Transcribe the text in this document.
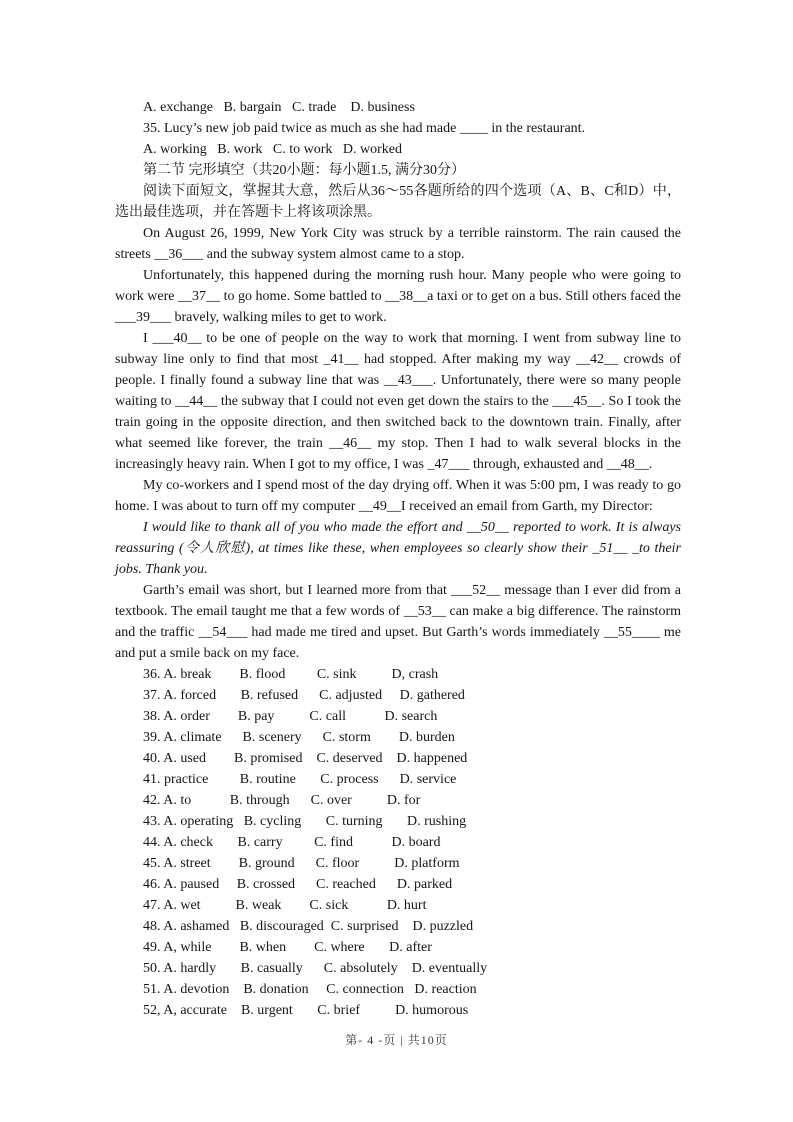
A. exchange   B. bargain   C. trade    D. business

35. Lucy’s new job paid twice as much as she had made ____ in the restaurant.

A. working   B. work   C. to work   D. worked

第二节 完形填空（共20小题：每小题1.5, 满分30分）

阅读下面短文，掌握其大意，然后从36～55各题所给的四个选项（A、B、C和D）中，选出最佳选项，并在答题卡上将该项涂黑。

On August 26, 1999, New York City was struck by a terrible rainstorm. The rain caused the streets __36___ and the subway system almost came to a stop.

Unfortunately, this happened during the morning rush hour. Many people who were going to work were __37__ to go home. Some battled to __38__a taxi or to get on a bus. Still others faced the ___39___ bravely, walking miles to get to work.

I ___40__ to be one of people on the way to work that morning. I went from subway line to subway line only to find that most _41__ had stopped. After making my way __42__ crowds of people. I finally found a subway line that was __43___. Unfortunately, there were so many people waiting to __44__ the subway that I could not even get down the stairs to the ___45__. So I took the train going in the opposite direction, and then switched back to the downtown train. Finally, after what seemed like forever, the train __46__ my stop. Then I had to walk several blocks in the increasingly heavy rain. When I got to my office, I was _47___ through, exhausted and __48__.

My co-workers and I spend most of the day drying off. When it was 5:00 pm, I was ready to go home. I was about to turn off my computer __49__I received an email from Garth, my Director:

I would like to thank all of you who made the effort and __50__ reported to work. It is always reassuring (令人欣慰), at times like these, when employees so clearly show their _51__ _to their jobs. Thank you.

Garth’s email was short, but I learned more from that ___52__ message than I ever did from a textbook. The email taught me that a few words of __53__ can make a big difference. The rainstorm and the traffic __54___ had made me tired and upset. But Garth’s words immediately __55____ me and put a smile back on my face.

36. A. break        B. flood         C. sink          D, crash

37. A. forced       B. refused      C. adjusted     D. gathered

38. A. order        B. pay          C. call           D. search

39. A. climate      B. scenery      C. storm        D. burden

40. A. used        B. promised    C. deserved    D. happened

41. practice         B. routine       C. process      D. service

42. A. to           B. through      C. over          D. for

43. A. operating   B. cycling       C. turning       D. rushing

44. A. check       B. carry         C. find           D. board

45. A. street        B. ground      C. floor          D. platform

46. A. paused     B. crossed      C. reached      D. parked

47. A. wet          B. weak        C. sick           D. hurt

48. A. ashamed   B. discouraged  C. surprised    D. puzzled

49. A, while        B. when        C. where       D. after

50. A. hardly       B. casually      C. absolutely    D. eventually

51. A. devotion    B. donation     C. connection   D. reaction

52, A, accurate    B. urgent       C. brief          D. humorous

第- 4 -页 | 共10页
